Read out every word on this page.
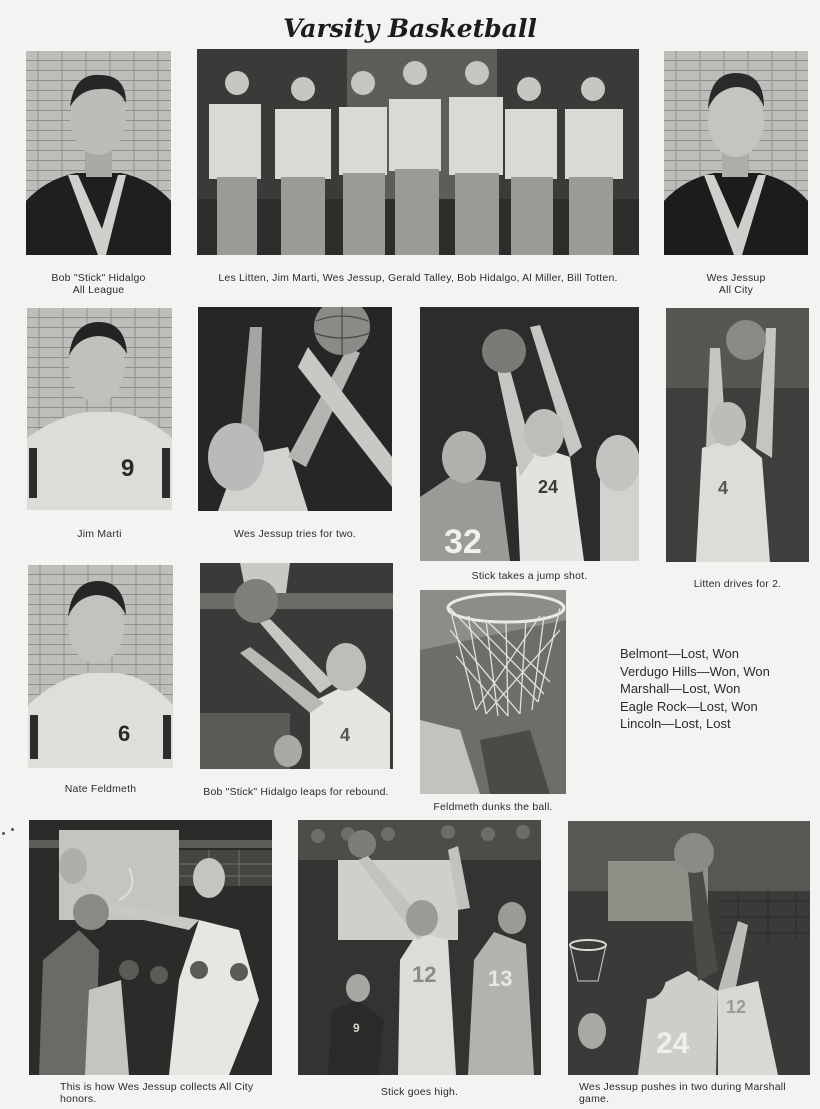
Varsity Basketball
Bob "Stick" Hidalgo
All League
Les Litten, Jim Marti, Wes Jessup, Gerald Talley, Bob Hidalgo, Al Miller, Bill Totten.	Wes Jessup
All City
9
Jim Marti	Wes Jessup tries for two.	32
24
Stick takes a jump shot.
4
Litten drives for 2.
6
Nate Feldmeth
4
Bob "Stick" Hidalgo leaps for rebound.
Feldmeth dunks the ball.
Belmont—Lost, Won
Verdugo Hills—Won, Won
Marshall—Lost, Won
Eagle Rock—Lost, Won
Lincoln—Lost, Lost
This is how Wes Jessup collects All City
honors.
12 13
9
Stick goes high.
24
12
Wes Jessup pushes in two during Marshall
game.
